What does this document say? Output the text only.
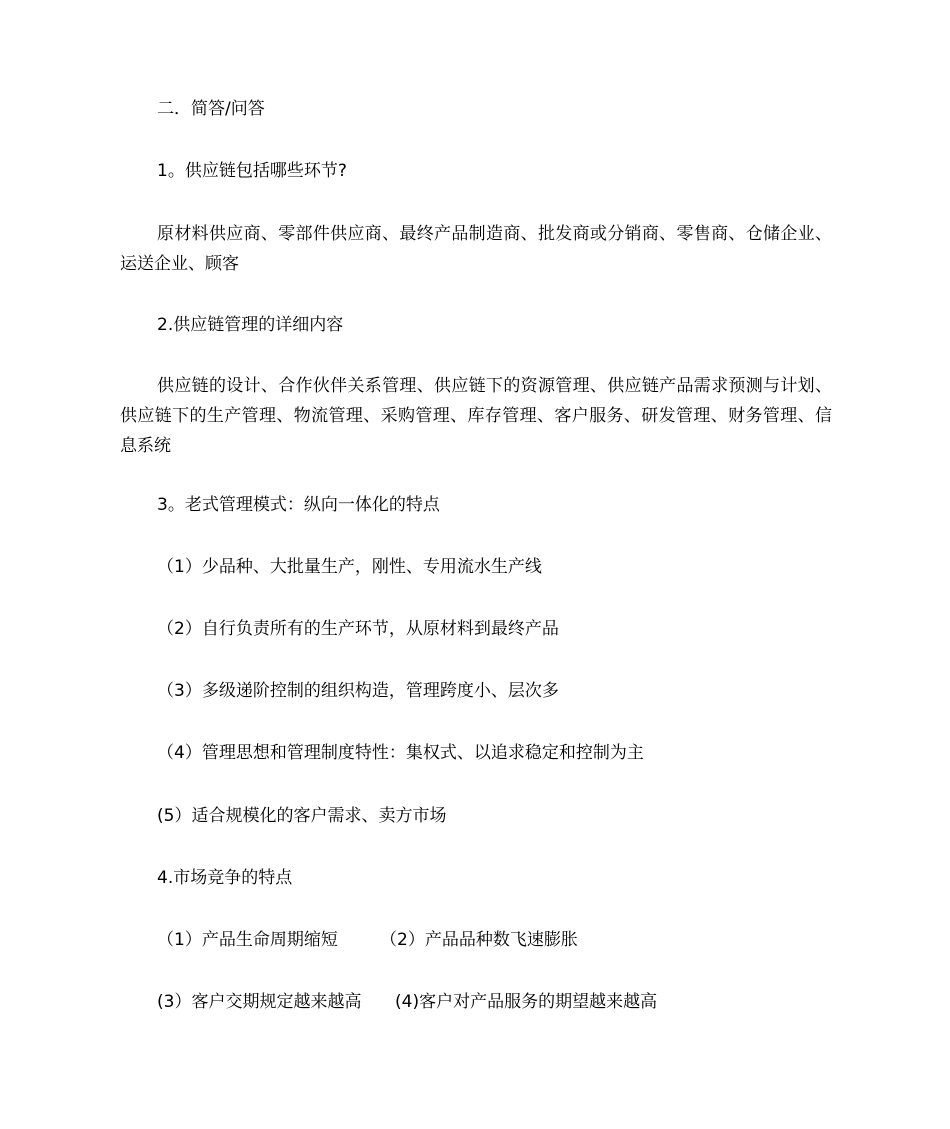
二．简答/问答
1。供应链包括哪些环节?
原材料供应商、零部件供应商、最终产品制造商、批发商或分销商、零售商、仓储企业、运送企业、顾客
2.供应链管理的详细内容
供应链的设计、合作伙伴关系管理、供应链下的资源管理、供应链产品需求预测与计划、供应链下的生产管理、物流管理、采购管理、库存管理、客户服务、研发管理、财务管理、信息系统
3。老式管理模式：纵向一体化的特点
（1）少品种、大批量生产，刚性、专用流水生产线
（2）自行负责所有的生产环节，从原材料到最终产品
（3）多级递阶控制的组织构造，管理跨度小、层次多
（4）管理思想和管理制度特性：集权式、以追求稳定和控制为主
(5）适合规模化的客户需求、卖方市场
4.市场竞争的特点
（1）产品生命周期缩短 （2）产品品种数飞速膨胀
(3）客户交期规定越来越高 (4)客户对产品服务的期望越来越高
